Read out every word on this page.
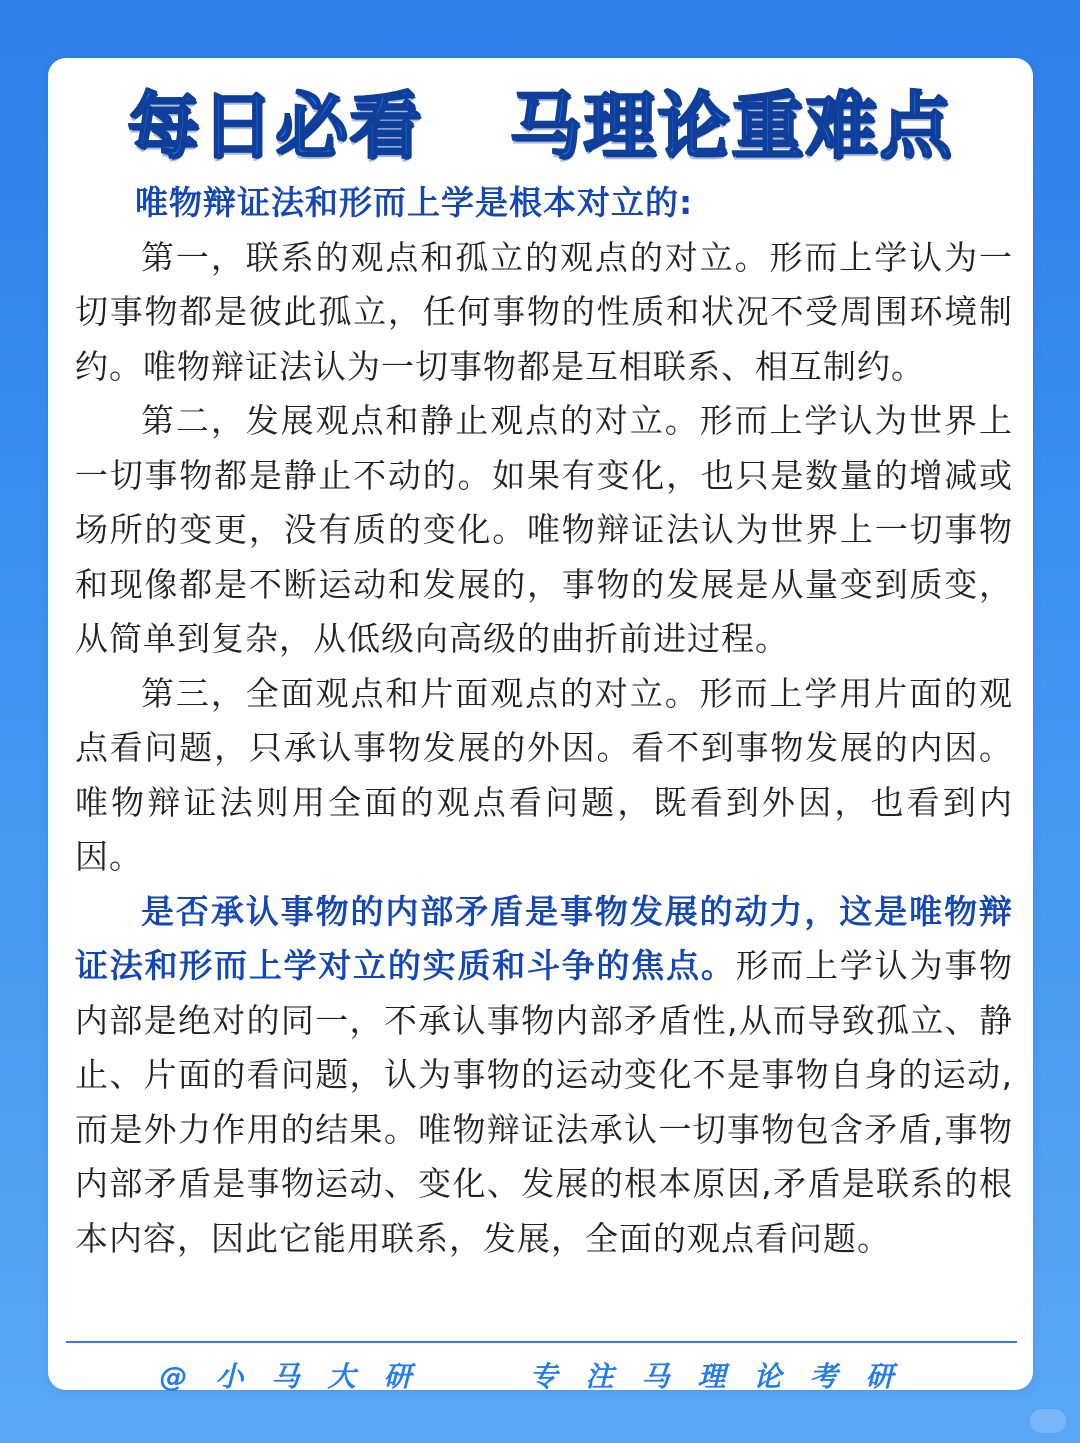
每日必看 马理论重难点

唯物辩证法和形而上学是根本对立的:

第一，联系的观点和孤立的观点的对立。形而上学认为一切事物都是彼此孤立，任何事物的性质和状况不受周围环境制约。唯物辩证法认为一切事物都是互相联系、相互制约。

第二，发展观点和静止观点的对立。形而上学认为世界上一切事物都是静止不动的。如果有变化，也只是数量的增减或场所的变更，没有质的变化。唯物辩证法认为世界上一切事物和现像都是不断运动和发展的，事物的发展是从量变到质变，从简单到复杂，从低级向高级的曲折前进过程。

第三，全面观点和片面观点的对立。形而上学用片面的观点看问题，只承认事物发展的外因。看不到事物发展的内因。唯物辩证法则用全面的观点看问题，既看到外因，也看到内因。

是否承认事物的内部矛盾是事物发展的动力，这是唯物辩证法和形而上学对立的实质和斗争的焦点。形而上学认为事物内部是绝对的同一，不承认事物内部矛盾性,从而导致孤立、静止、片面的看问题，认为事物的运动变化不是事物自身的运动,而是外力作用的结果。唯物辩证法承认一切事物包含矛盾,事物内部矛盾是事物运动、变化、发展的根本原因,矛盾是联系的根本内容，因此它能用联系，发展，全面的观点看问题。

@小马大研	专注马理论考研
